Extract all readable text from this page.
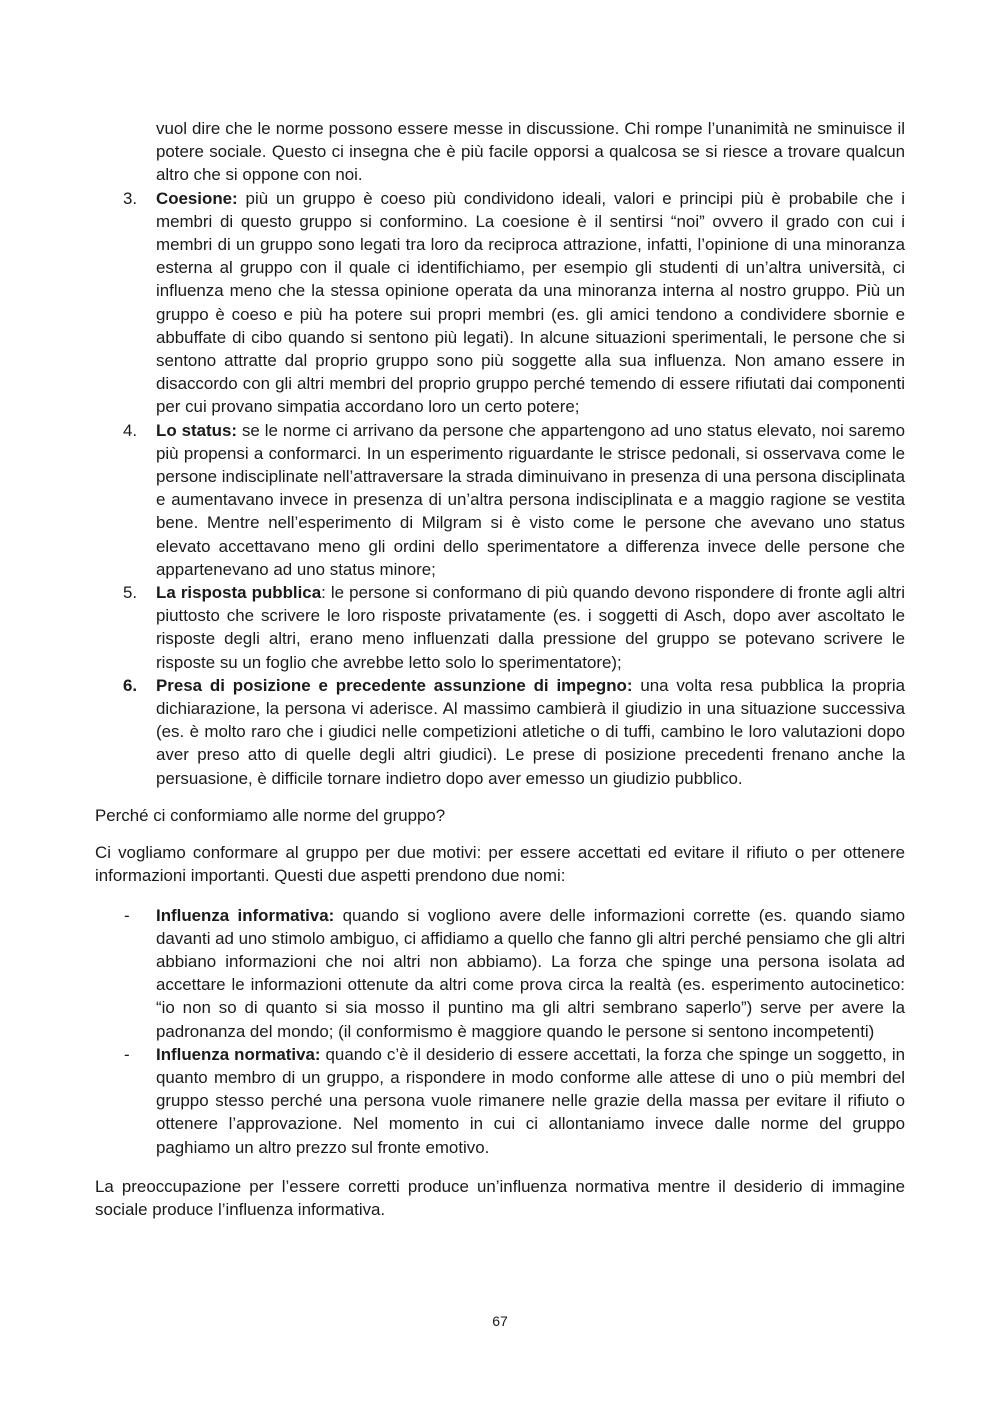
vuol dire che le norme possono essere messe in discussione. Chi rompe l’unanimità ne sminuisce il potere sociale. Questo ci insegna che è più facile opporsi a qualcosa se si riesce a trovare qualcun altro che si oppone con noi.

3.	Coesione: più un gruppo è coeso più condividono ideali, valori e principi più è probabile che i membri di questo gruppo si conformino. La coesione è il sentirsi “noi” ovvero il grado con cui i membri di un gruppo sono legati tra loro da reciproca attrazione, infatti, l’opinione di una minoranza esterna al gruppo con il quale ci identifichiamo, per esempio gli studenti di un’altra università, ci influenza meno che la stessa opinione operata da una minoranza interna al nostro gruppo. Più un gruppo è coeso e più ha potere sui propri membri (es. gli amici tendono a condividere sbornie e abbuffate di cibo quando si sentono più legati). In alcune situazioni sperimentali, le persone che si sentono attratte dal proprio gruppo sono più soggette alla sua influenza. Non amano essere in disaccordo con gli altri membri del proprio gruppo perché temendo di essere rifiutati dai componenti per cui provano simpatia accordano loro un certo potere;

4.	Lo status: se le norme ci arrivano da persone che appartengono ad uno status elevato, noi saremo più propensi a conformarci. In un esperimento riguardante le strisce pedonali, si osservava come le persone indisciplinate nell’attraversare la strada diminuivano in presenza di una persona disciplinata e aumentavano invece in presenza di un’altra persona indisciplinata e a maggio ragione se vestita bene. Mentre nell’esperimento di Milgram si è visto come le persone che avevano uno status elevato accettavano meno gli ordini dello sperimentatore a differenza invece delle persone che appartenevano ad uno status minore;

5.	La risposta pubblica: le persone si conformano di più quando devono rispondere di fronte agli altri piuttosto che scrivere le loro risposte privatamente (es. i soggetti di Asch, dopo aver ascoltato le risposte degli altri, erano meno influenzati dalla pressione del gruppo se potevano scrivere le risposte su un foglio che avrebbe letto solo lo sperimentatore);

6.	Presa di posizione e precedente assunzione di impegno: una volta resa pubblica la propria dichiarazione, la persona vi aderisce. Al massimo cambierà il giudizio in una situazione successiva (es. è molto raro che i giudici nelle competizioni atletiche o di tuffi, cambino le loro valutazioni dopo aver preso atto di quelle degli altri giudici). Le prese di posizione precedenti frenano anche la persuasione, è difficile tornare indietro dopo aver emesso un giudizio pubblico.

Perché ci conformiamo alle norme del gruppo?

Ci vogliamo conformare al gruppo per due motivi: per essere accettati ed evitare il rifiuto o per ottenere informazioni importanti. Questi due aspetti prendono due nomi:

-	Influenza informativa: quando si vogliono avere delle informazioni corrette (es. quando siamo davanti ad uno stimolo ambiguo, ci affidiamo a quello che fanno gli altri perché pensiamo che gli altri abbiano informazioni che noi altri non abbiamo). La forza che spinge una persona isolata ad accettare le informazioni ottenute da altri come prova circa la realtà (es. esperimento autocinetico: “io non so di quanto si sia mosso il puntino ma gli altri sembrano saperlo”) serve per avere la padronanza del mondo; (il conformismo è maggiore quando le persone si sentono incompetenti)

-	Influenza normativa: quando c’è il desiderio di essere accettati, la forza che spinge un soggetto, in quanto membro di un gruppo, a rispondere in modo conforme alle attese di uno o più membri del gruppo stesso perché una persona vuole rimanere nelle grazie della massa per evitare il rifiuto o ottenere l’approvazione. Nel momento in cui ci allontaniamo invece dalle norme del gruppo paghiamo un altro prezzo sul fronte emotivo.

La preoccupazione per l’essere corretti produce un’influenza normativa mentre il desiderio di immagine sociale produce l’influenza informativa.

67
